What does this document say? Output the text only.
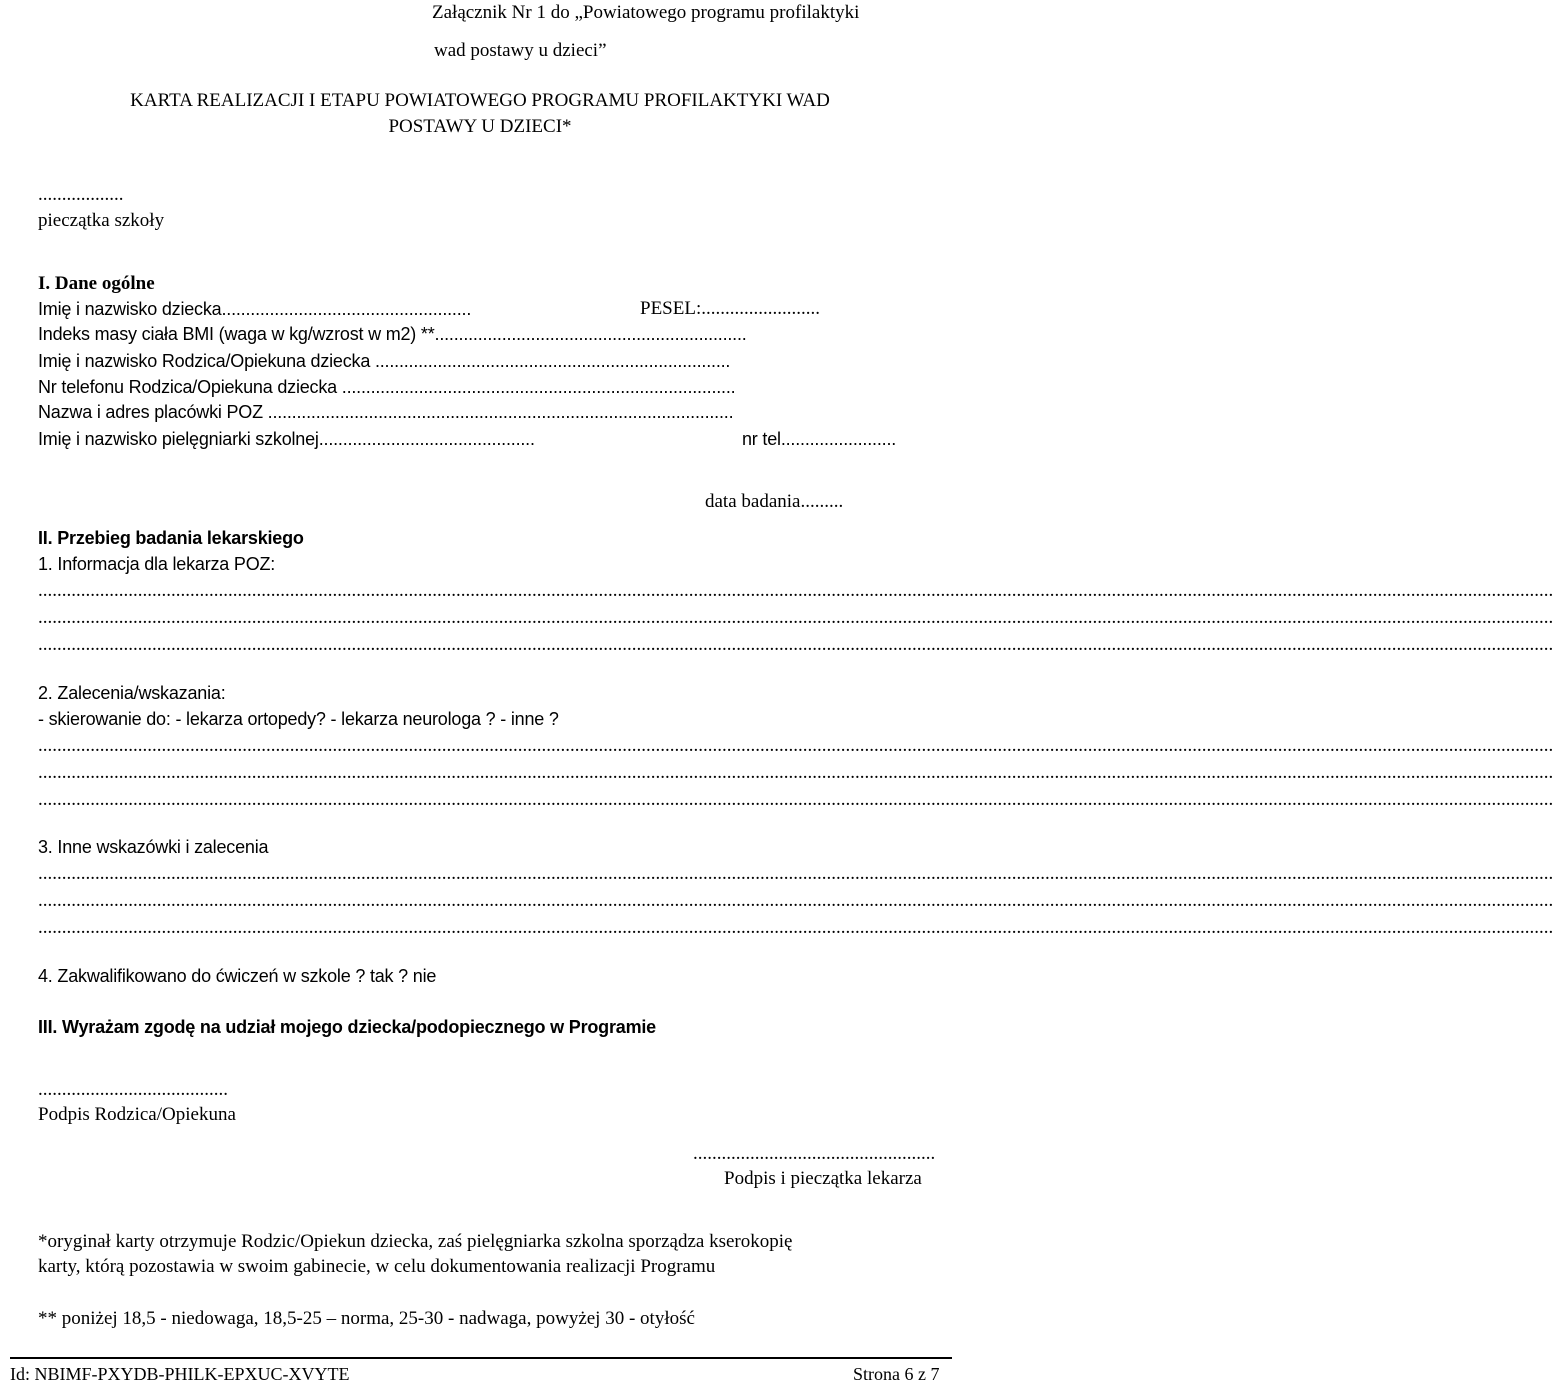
Załącznik Nr 1 do „Powiatowego programu profilaktyki
wad postawy u dzieci”
KARTA REALIZACJI I ETAPU POWIATOWEGO PROGRAMU PROFILAKTYKI WAD
POSTAWY U DZIECI*
..................
pieczątka szkoły
I. Dane ogólne
Imię i nazwisko dziecka....................................................	PESEL:.........................
Indeks masy ciała BMI (waga w kg/wzrost w m2) **.................................................................
Imię i nazwisko Rodzica/Opiekuna dziecka ..........................................................................
Nr telefonu Rodzica/Opiekuna dziecka ..................................................................................
Nazwa i adres placówki POZ .................................................................................................
Imię i nazwisko pielęgniarki szkolnej.............................................	nr tel........................
data badania.........
II. Przebieg badania lekarskiego
1. Informacja dla lekarza POZ:
...............................................................................................................................................................................................................................................................................................................................
...............................................................................................................................................................................................................................................................................................................................
...............................................................................................................................................................................................................................................................................................................................
2. Zalecenia/wskazania:
- skierowanie do: - lekarza ortopedy? - lekarza neurologa ? - inne ?
...............................................................................................................................................................................................................................................................................................................................
...............................................................................................................................................................................................................................................................................................................................
...............................................................................................................................................................................................................................................................................................................................
3. Inne wskazówki i zalecenia
...............................................................................................................................................................................................................................................................................................................................
...............................................................................................................................................................................................................................................................................................................................
...............................................................................................................................................................................................................................................................................................................................
4. Zakwalifikowano do ćwiczeń w szkole ? tak ? nie
III. Wyrażam zgodę na udział mojego dziecka/podopiecznego w Programie
........................................
Podpis Rodzica/Opiekuna
...................................................
Podpis i pieczątka lekarza
*oryginał karty otrzymuje Rodzic/Opiekun dziecka, zaś pielęgniarka szkolna sporządza kserokopię
karty, którą pozostawia w swoim gabinecie, w celu dokumentowania realizacji Programu
** poniżej 18,5 - niedowaga, 18,5-25 – norma, 25-30 - nadwaga, powyżej 30 - otyłość
Id: NBIMF-PXYDB-PHILK-EPXUC-XVYTE	Strona 6 z 7
